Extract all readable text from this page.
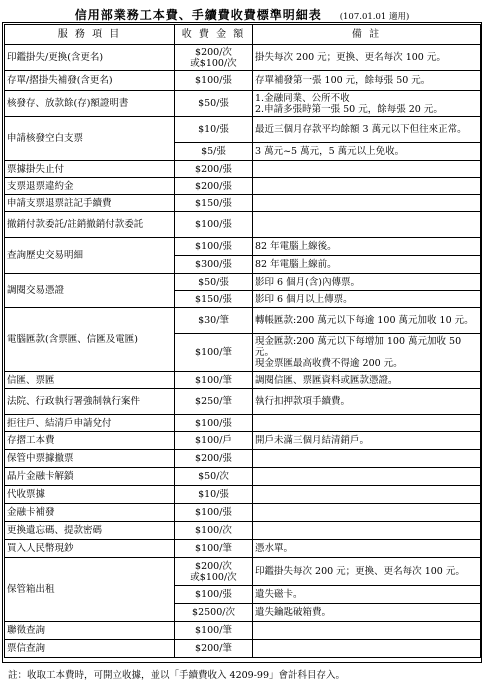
信用部業務工本費、手續費收費標準明細表 (107.01.01 適用)
服 務 項 目	收 費 金 額	備 註
印鑑掛失/更換(含更名)	$200/次
或$100/次	掛失每次 200 元；更換、更名每次 100 元。
存單/摺掛失補發(含更名)	$100/張	存單補發第一張 100 元，餘每張 50 元。
核發存、放款餘(存)額證明書	$50/張	1.金融同業、公所不收
2.申請多張時第一張 50 元，餘每張 20 元。
申請核發空白支票	$10/張	最近三個月存款平均餘額 3 萬元以下但往來正常。
	$5/張	3 萬元~5 萬元，5 萬元以上免收。
票據掛失止付	$200/張	
支票退票違約金	$200/張	
申請支票退票註記手續費	$150/張	
撤銷付款委託/註銷撤銷付款委託	$100/張	
查詢歷史交易明細	$100/張	82 年電腦上線後。
	$300/張	82 年電腦上線前。
調閱交易憑證	$50/張	影印 6 個月(含)內傳票。
	$150/張	影印 6 個月以上傳票。
電腦匯款(含票匯、信匯及電匯)	$30/筆	轉帳匯款:200 萬元以下每逾 100 萬元加收 10 元。
	$100/筆	現金匯款:200 萬元以下每增加 100 萬元加收 50 元。
現金票匯最高收費不得逾 200 元。
信匯、票匯	$100/筆	調閱信匯、票匯資料或匯款憑證。
法院、行政執行署強制執行案件	$250/筆	執行扣押款項手續費。
拒往戶、結清戶申請兌付	$100/張	
存摺工本費	$100/戶	開戶未滿三個月結清銷戶。
保管中票據撤票	$200/張	
晶片金融卡解鎖	$50/次	
代收票據	$10/張	
金融卡補發	$100/張	
更換遺忘碼、提款密碼	$100/次	
買入人民幣現鈔	$100/筆	憑水單。
保管箱出租	$200/次
或$100/次	印鑑掛失每次 200 元；更換、更名每次 100 元。
	$100/張	遺失磁卡。
	$2500/次	遺失鑰匙破箱費。
聯徵查詢	$100/筆	
票信查詢	$200/筆	
註：收取工本費時，可開立收據，並以「手續費收入 4209-99」會計科目存入。
